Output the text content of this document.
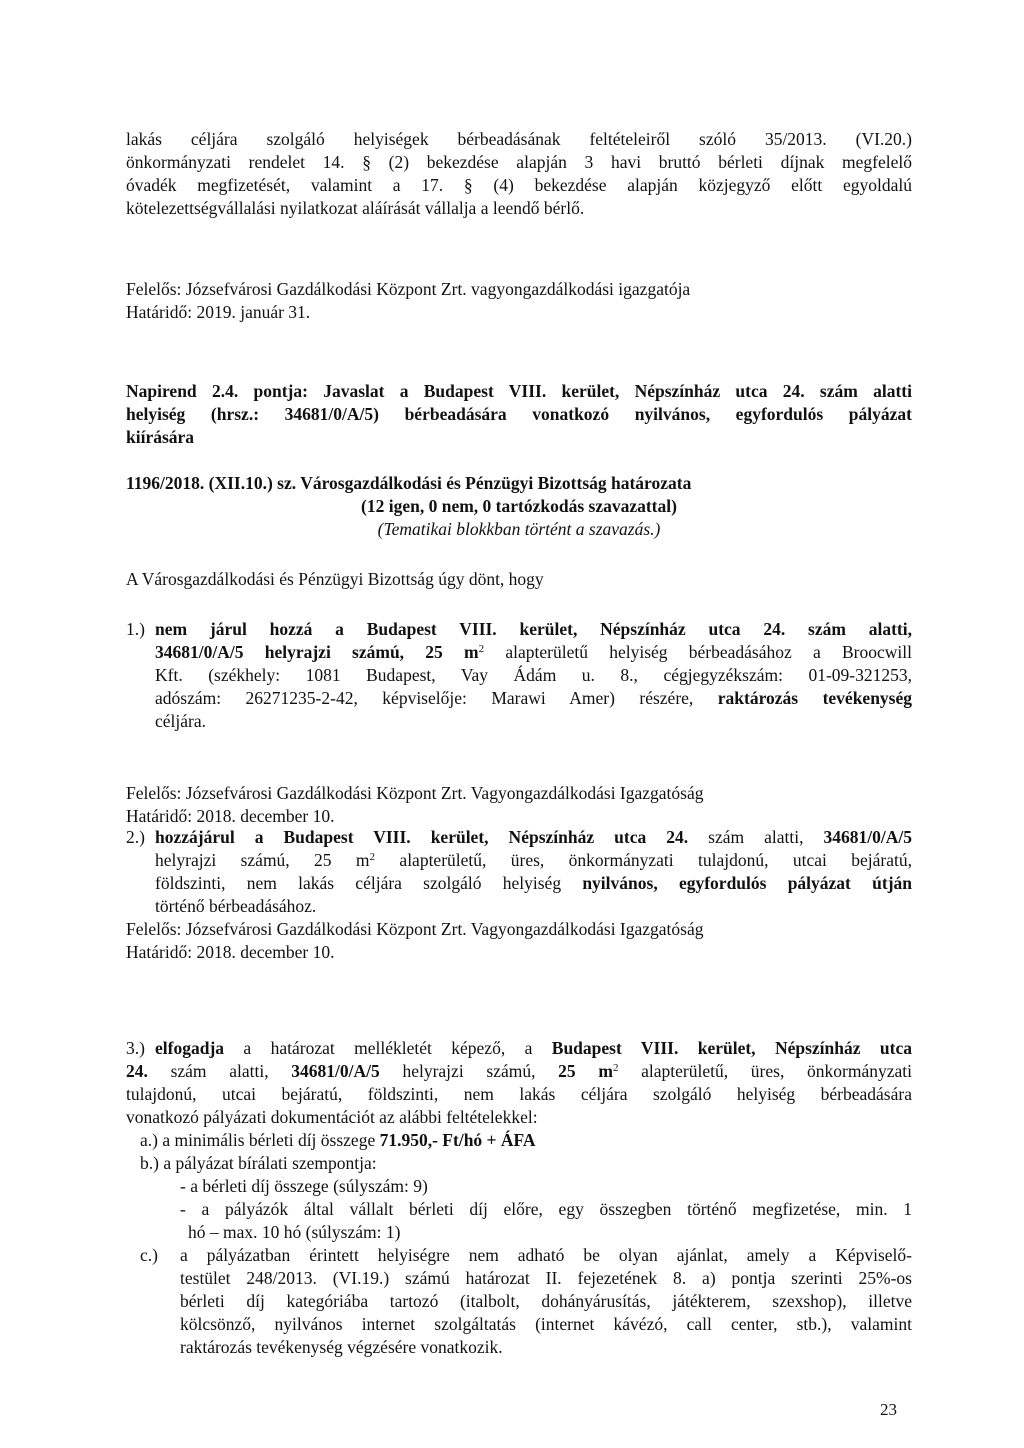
lakás céljára szolgáló helyiségek bérbeadásának feltételeiről szóló 35/2013. (VI.20.)
önkormányzati rendelet 14. § (2) bekezdése alapján 3 havi bruttó bérleti díjnak megfelelő
óvadék megfizetését, valamint a 17. § (4) bekezdése alapján közjegyző előtt egyoldalú
kötelezettségvállalási nyilatkozat aláírását vállalja a leendő bérlő.
Felelős: Józsefvárosi Gazdálkodási Központ Zrt. vagyongazdálkodási igazgatója
Határidő: 2019. január 31.
Napirend 2.4. pontja: Javaslat a Budapest VIII. kerület, Népszínház utca 24. szám alatti
helyiség (hrsz.: 34681/0/A/5) bérbeadására vonatkozó nyilvános, egyfordulós pályázat
kiírására
1196/2018. (XII.10.) sz. Városgazdálkodási és Pénzügyi Bizottság határozata
(12 igen, 0 nem, 0 tartózkodás szavazattal)
(Tematikai blokkban történt a szavazás.)
A Városgazdálkodási és Pénzügyi Bizottság úgy dönt, hogy
1.) nem járul hozzá a Budapest VIII. kerület, Népszínház utca 24. szám alatti,
34681/0/A/5 helyrajzi számú, 25 $m^2$ alapterületű helyiség bérbeadásához a Broocwill
Kft. (székhely: 1081 Budapest, Vay Ádám u. 8., cégjegyzékszám: 01-09-321253,
adószám: 26271235-2-42, képviselője: Marawi Amer) részére, raktározás tevékenység
céljára.
Felelős: Józsefvárosi Gazdálkodási Központ Zrt. Vagyongazdálkodási Igazgatóság
Határidő: 2018. december 10.
2.) hozzájárul a Budapest VIII. kerület, Népszínház utca 24. szám alatti, 34681/0/A/5
helyrajzi számú, 25 $m^2$ alapterületű, üres, önkormányzati tulajdonú, utcai bejáratú,
földszinti, nem lakás céljára szolgáló helyiség nyilvános, egyfordulós pályázat útján
történő bérbeadásához.
Felelős: Józsefvárosi Gazdálkodási Központ Zrt. Vagyongazdálkodási Igazgatóság
Határidő: 2018. december 10.
3.) elfogadja a határozat mellékletét képező, a Budapest VIII. kerület, Népszínház utca
24. szám alatti, 34681/0/A/5 helyrajzi számú, 25 $m^2$ alapterületű, üres, önkormányzati
tulajdonú, utcai bejáratú, földszinti, nem lakás céljára szolgáló helyiség bérbeadására
vonatkozó pályázati dokumentációt az alábbi feltételekkel:
a.) a minimális bérleti díj összege 71.950,- Ft/hó + ÁFA
b.) a pályázat bírálati szempontja:
- a bérleti díj összege (súlyszám: 9)
- a pályázók által vállalt bérleti díj előre, egy összegben történő megfizetése, min. 1
hó – max. 10 hó (súlyszám: 1)
c.)	a pályázatban érintett helyiségre nem adható be olyan ajánlat, amely a Képviselő-
testület 248/2013. (VI.19.) számú határozat II. fejezetének 8. a) pontja szerinti 25%-os
bérleti díj kategóriába tartozó (italbolt, dohányárusítás, játékterem, szexshop), illetve
kölcsönző, nyilvános internet szolgáltatás (internet kávézó, call center, stb.), valamint
raktározás tevékenység végzésére vonatkozik.
23
